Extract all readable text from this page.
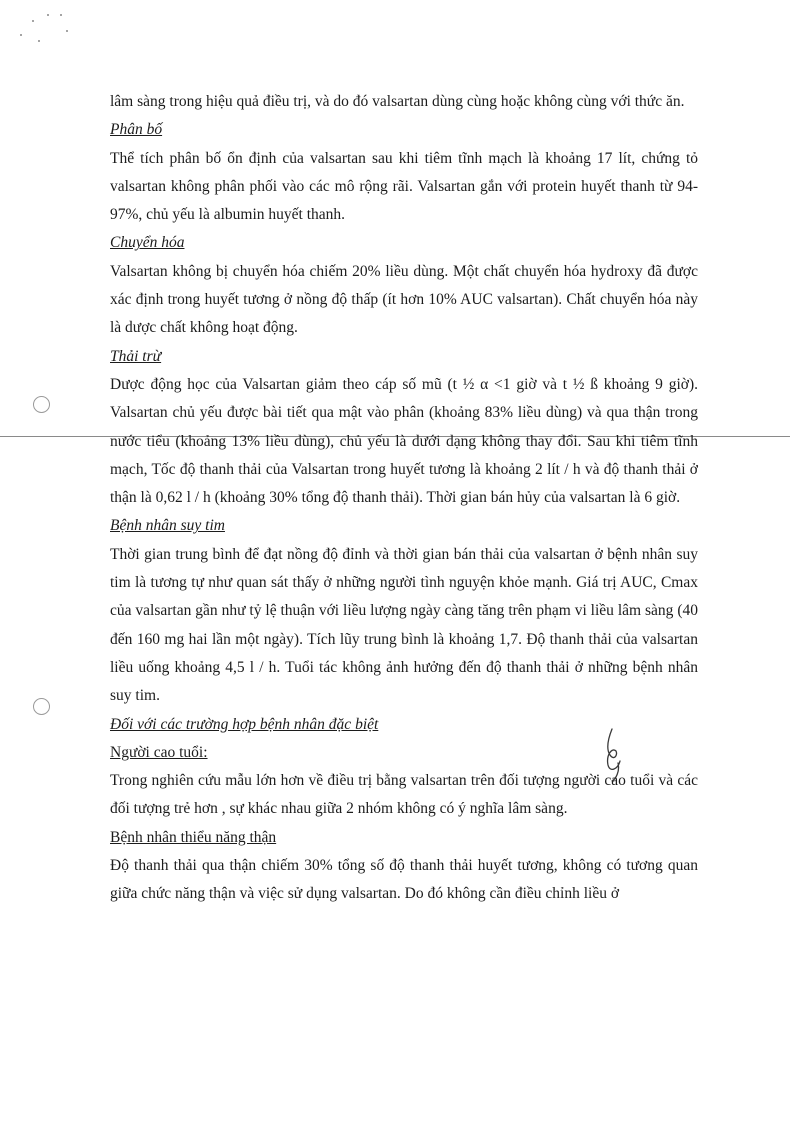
lâm sàng trong hiệu quả điều trị, và do đó valsartan dùng cùng hoặc không cùng với thức ăn.

Phân bố

Thể tích phân bố ổn định của valsartan sau khi tiêm tĩnh mạch là khoảng 17 lít, chứng tỏ valsartan không phân phối vào các mô rộng rãi. Valsartan gắn với protein huyết thanh từ 94-97%, chủ yếu là albumin huyết thanh.

Chuyển hóa

Valsartan không bị chuyển hóa chiếm 20% liều dùng. Một chất chuyển hóa hydroxy đã được xác định trong huyết tương ở nồng độ thấp (ít hơn 10% AUC valsartan). Chất chuyển hóa này là dược chất không hoạt động.

Thải trừ

Dược động học của Valsartan giảm theo cáp số mũ (t ½ α <1 giờ và t ½ ß khoảng 9 giờ). Valsartan chủ yếu được bài tiết qua mật vào phân (khoảng 83% liều dùng) và qua thận trong nước tiểu (khoảng 13% liều dùng), chủ yếu là dưới dạng không thay đổi. Sau khi tiêm tĩnh mạch, Tốc độ thanh thải của Valsartan trong huyết tương là khoảng 2 lít / h và độ thanh thải ở thận là 0,62 l / h (khoảng 30% tổng độ thanh thải). Thời gian bán hủy của valsartan là 6 giờ.

Bệnh nhân suy tim

Thời gian trung bình để đạt nồng độ đỉnh và thời gian bán thải của valsartan ở bệnh nhân suy tim là tương tự như quan sát thấy ở những người tình nguyện khỏe mạnh. Giá trị AUC, Cmax của valsartan gần như tỷ lệ thuận với liều lượng ngày càng tăng trên phạm vi liều lâm sàng (40 đến 160 mg hai lần một ngày). Tích lũy trung bình là khoảng 1,7. Độ thanh thải của valsartan liều uống khoảng 4,5 l / h. Tuổi tác không ảnh hưởng đến độ thanh thải ở những bệnh nhân suy tim.

Đối với các trường hợp bệnh nhân đặc biệt
Người cao tuổi:

Trong nghiên cứu mẫu lớn hơn về điều trị bằng valsartan trên đối tượng người cao tuổi và các đối tượng trẻ hơn , sự khác nhau giữa 2 nhóm không có ý nghĩa lâm sàng.

Bệnh nhân thiểu năng thận

Độ thanh thải qua thận chiếm 30% tổng số độ thanh thải huyết tương, không có tương quan giữa chức năng thận và việc sử dụng valsartan. Do đó không cần điều chỉnh liều ở
